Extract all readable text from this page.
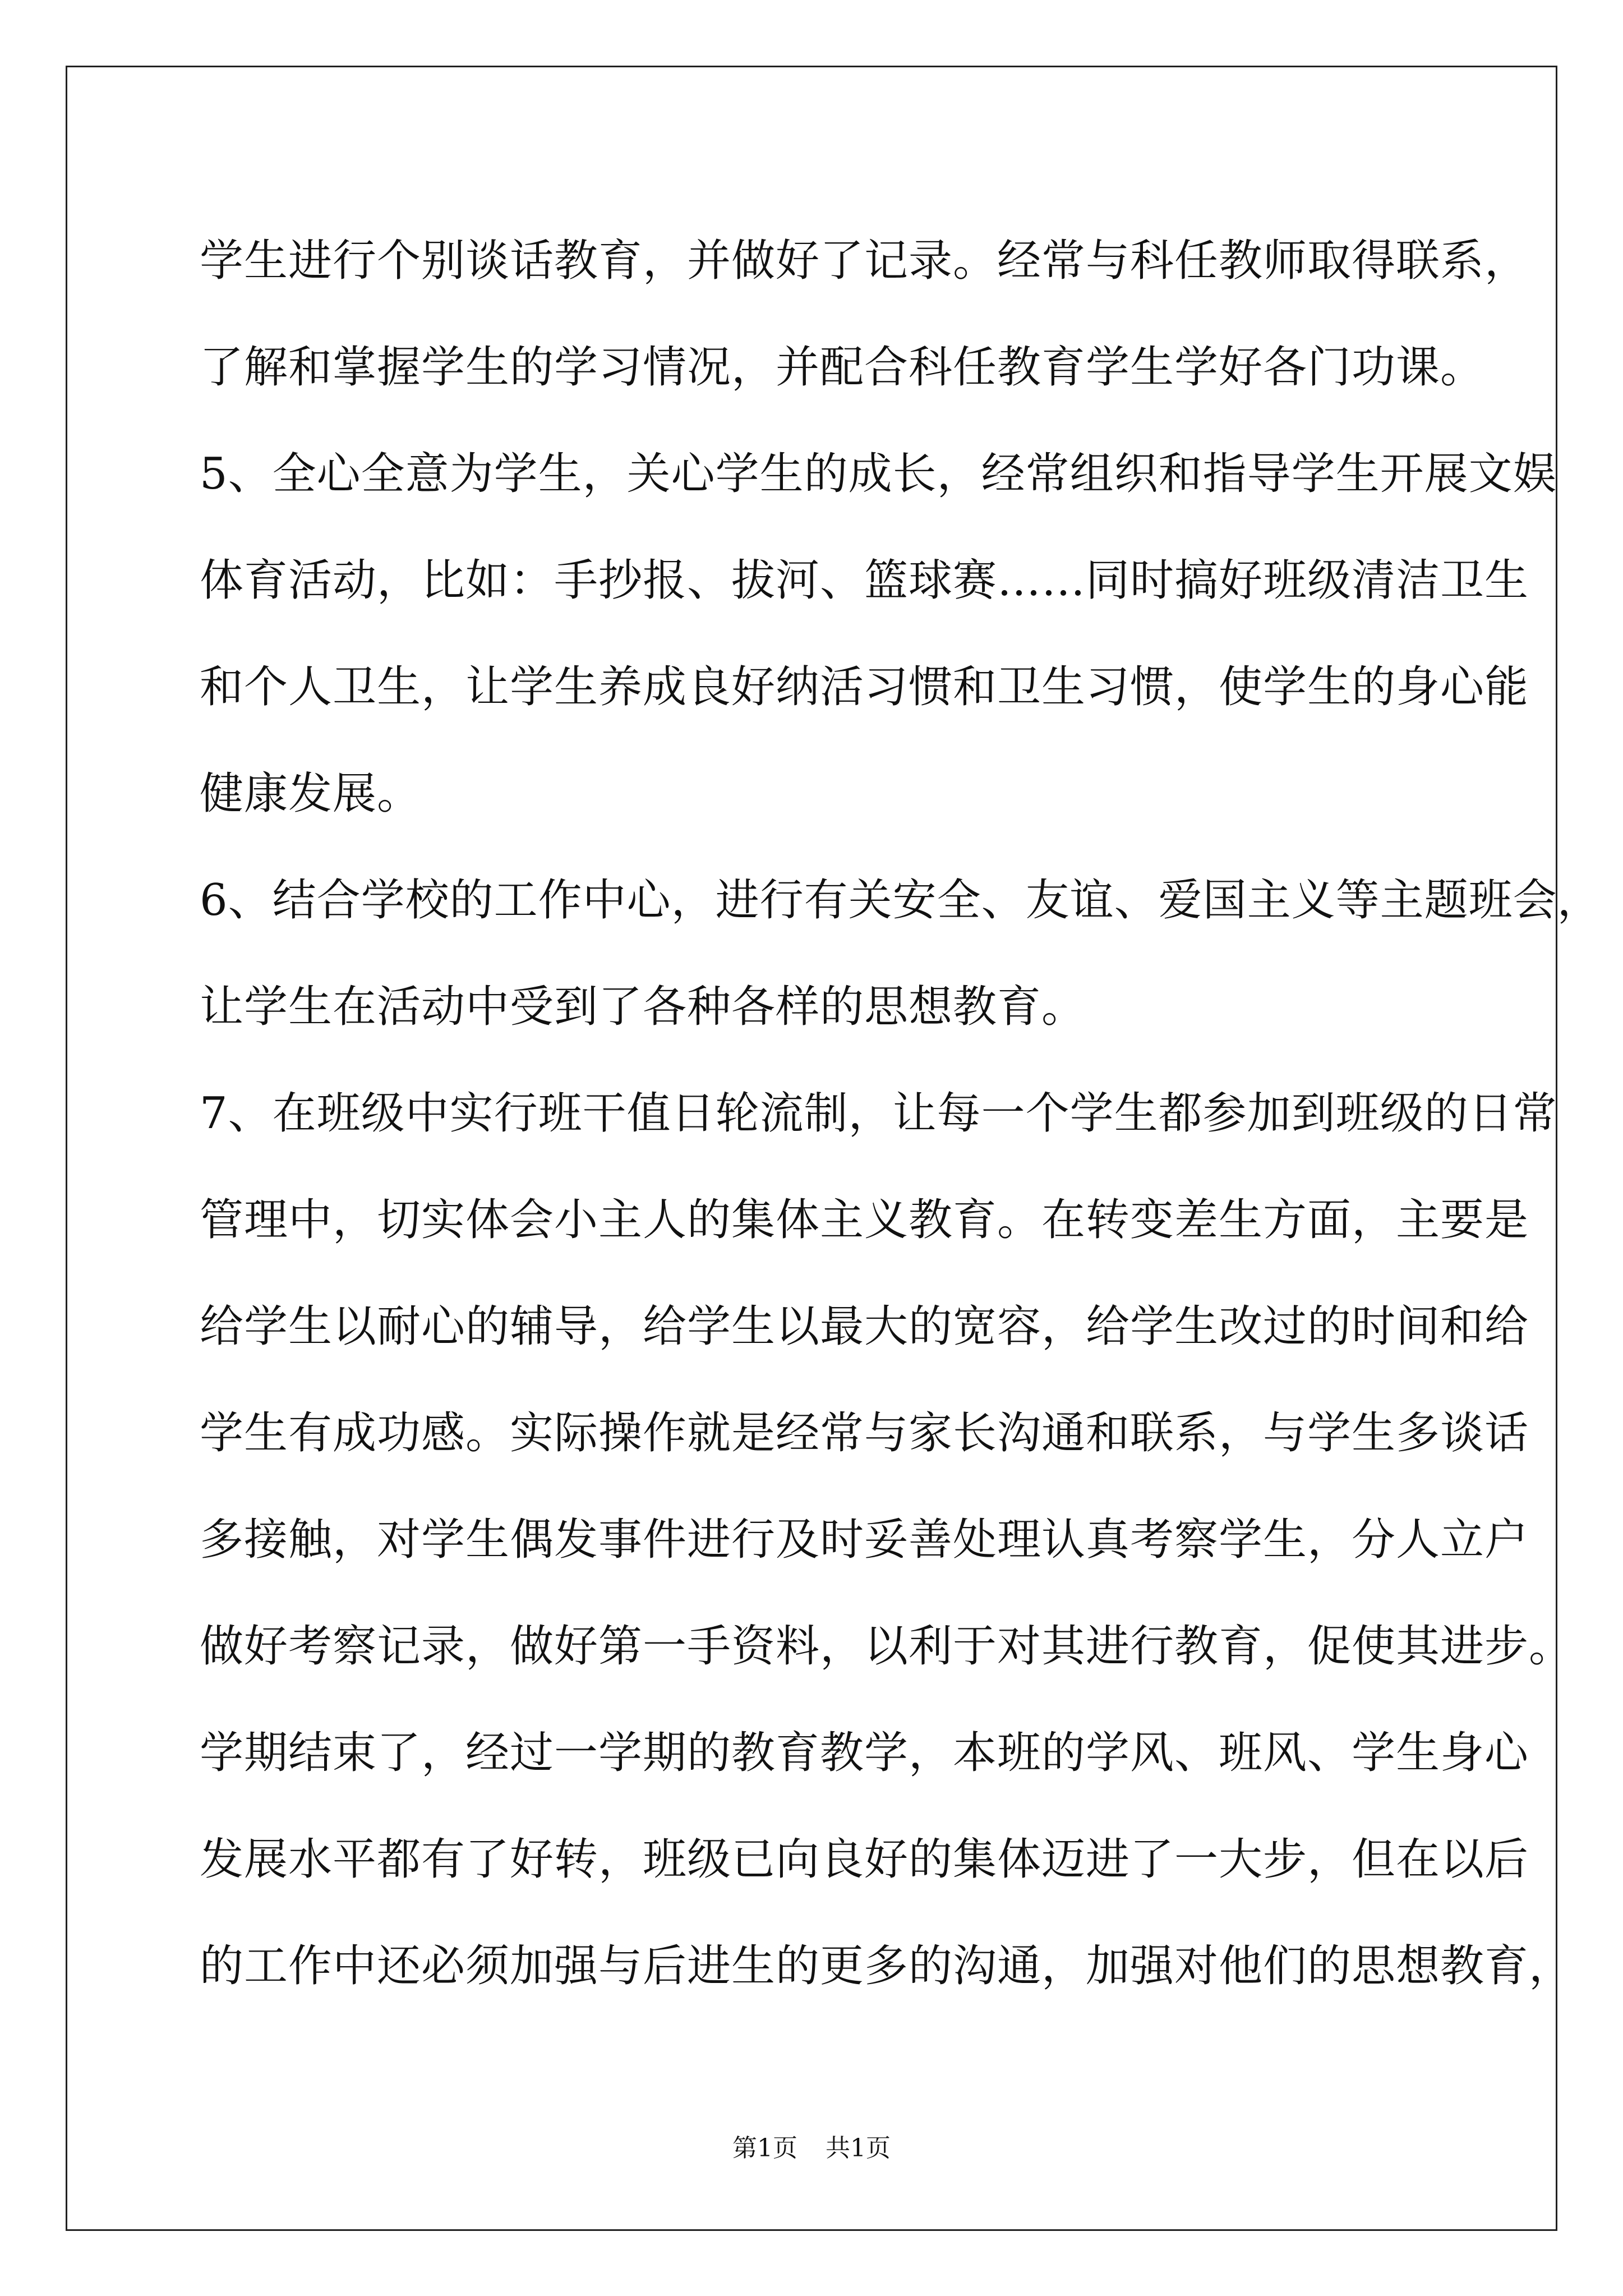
学生进行个别谈话教育，并做好了记录。经常与科任教师取得联系，
了解和掌握学生的学习情况，并配合科任教育学生学好各门功课。
5、全心全意为学生，关心学生的成长，经常组织和指导学生开展文娱
体育活动，比如：手抄报、拔河、篮球赛……同时搞好班级清洁卫生
和个人卫生，让学生养成良好纳活习惯和卫生习惯，使学生的身心能
健康发展。
6、结合学校的工作中心，进行有关安全、友谊、爱国主义等主题班会，
让学生在活动中受到了各种各样的思想教育。
7、在班级中实行班干值日轮流制，让每一个学生都参加到班级的日常
管理中，切实体会小主人的集体主义教育。在转变差生方面，主要是
给学生以耐心的辅导，给学生以最大的宽容，给学生改过的时间和给
学生有成功感。实际操作就是经常与家长沟通和联系，与学生多谈话
多接触，对学生偶发事件进行及时妥善处理认真考察学生，分人立户
做好考察记录，做好第一手资料，以利于对其进行教育，促使其进步。
学期结束了，经过一学期的教育教学，本班的学风、班风、学生身心
发展水平都有了好转，班级已向良好的集体迈进了一大步，但在以后
的工作中还必须加强与后进生的更多的沟通，加强对他们的思想教育，
第1页 共1页
